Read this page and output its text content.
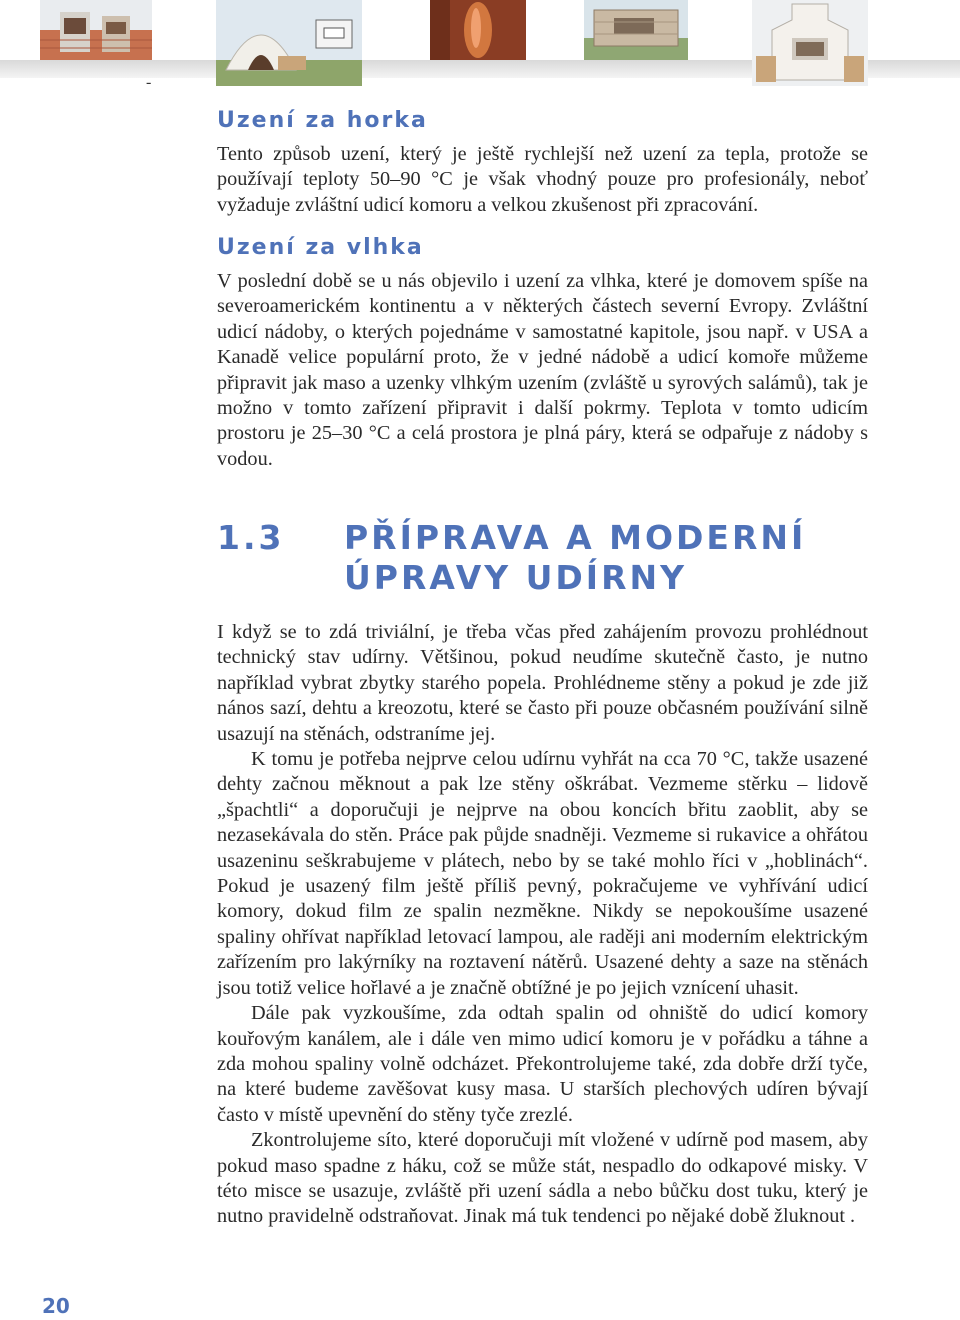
-
Uzení za horka

Tento způsob uzení, který je ještě rychlejší než uzení za tepla, protože se používají teploty 50–90 °C je však vhodný pouze pro profesionály, neboť vyžaduje zvláštní udicí komoru a velkou zkušenost při zpracování.

Uzení za vlhka

V poslední době se u nás objevilo i uzení za vlhka, které je domovem spíše na severoamerickém kontinentu a v některých částech severní Evropy. Zvláštní udicí nádoby, o kterých pojednáme v samostatné kapitole, jsou např. v USA a Kanadě velice populární proto, že v jedné nádobě a udicí komoře můžeme připravit jak maso a uzenky vlhkým uzením (zvláště u syrových salámů), tak je možno v tomto zařízení připravit i další pokrmy. Teplota v tomto udicím prostoru je 25–30 °C a celá prostora je plná páry, která se odpařuje z nádoby s vodou.

1.3 PŘÍPRAVA A MODERNÍ ÚPRAVY UDÍRNY

I když se to zdá triviální, je třeba včas před zahájením provozu prohlédnout technický stav udírny. Většinou, pokud neudíme skutečně často, je nutno například vybrat zbytky starého popela. Prohlédneme stěny a pokud je zde již nános sazí, dehtu a kreozotu, které se často při pouze občasném používání silně usazují na stěnách, odstraníme jej.

K tomu je potřeba nejprve celou udírnu vyhřát na cca 70 °C, takže usazené dehty začnou měknout a pak lze stěny oškrábat. Vezmeme stěrku – lidově „špachtli“ a doporučuji je nejprve na obou koncích břitu zaoblit, aby se nezasekávala do stěn. Práce pak půjde snadněji. Vezmeme si rukavice a ohřátou usazeninu seškrabujeme v plátech, nebo by se také mohlo říci v „hoblinách“. Pokud je usazený film ještě příliš pevný, pokračujeme ve vyhřívání udicí komory, dokud film ze spalin nezměkne. Nikdy se nepokoušíme usazené spaliny ohřívat například letovací lampou, ale raději ani moderním elektrickým zařízením pro lakýrníky na roztavení nátěrů. Usazené dehty a saze na stěnách jsou totiž velice hořlavé a je značně obtížné je po jejich vznícení uhasit.

Dále pak vyzkoušíme, zda odtah spalin od ohniště do udicí komory kouřovým kanálem, ale i dále ven mimo udicí komoru je v pořádku a táhne a zda mohou spaliny volně odcházet. Překontrolujeme také, zda dobře drží tyče, na které budeme zavěšovat kusy masa. U starších plechových udíren bývají často v místě upevnění do stěny tyče zrezlé.

Zkontrolujeme síto, které doporučuji mít vložené v udírně pod masem, aby pokud maso spadne z háku, což se může stát, nespadlo do odkapové misky. V této misce se usazuje, zvláště při uzení sádla a nebo bůčku dost tuku, který je nutno pravidelně odstraňovat. Jinak má tuk tendenci po nějaké době žluknout .

20
